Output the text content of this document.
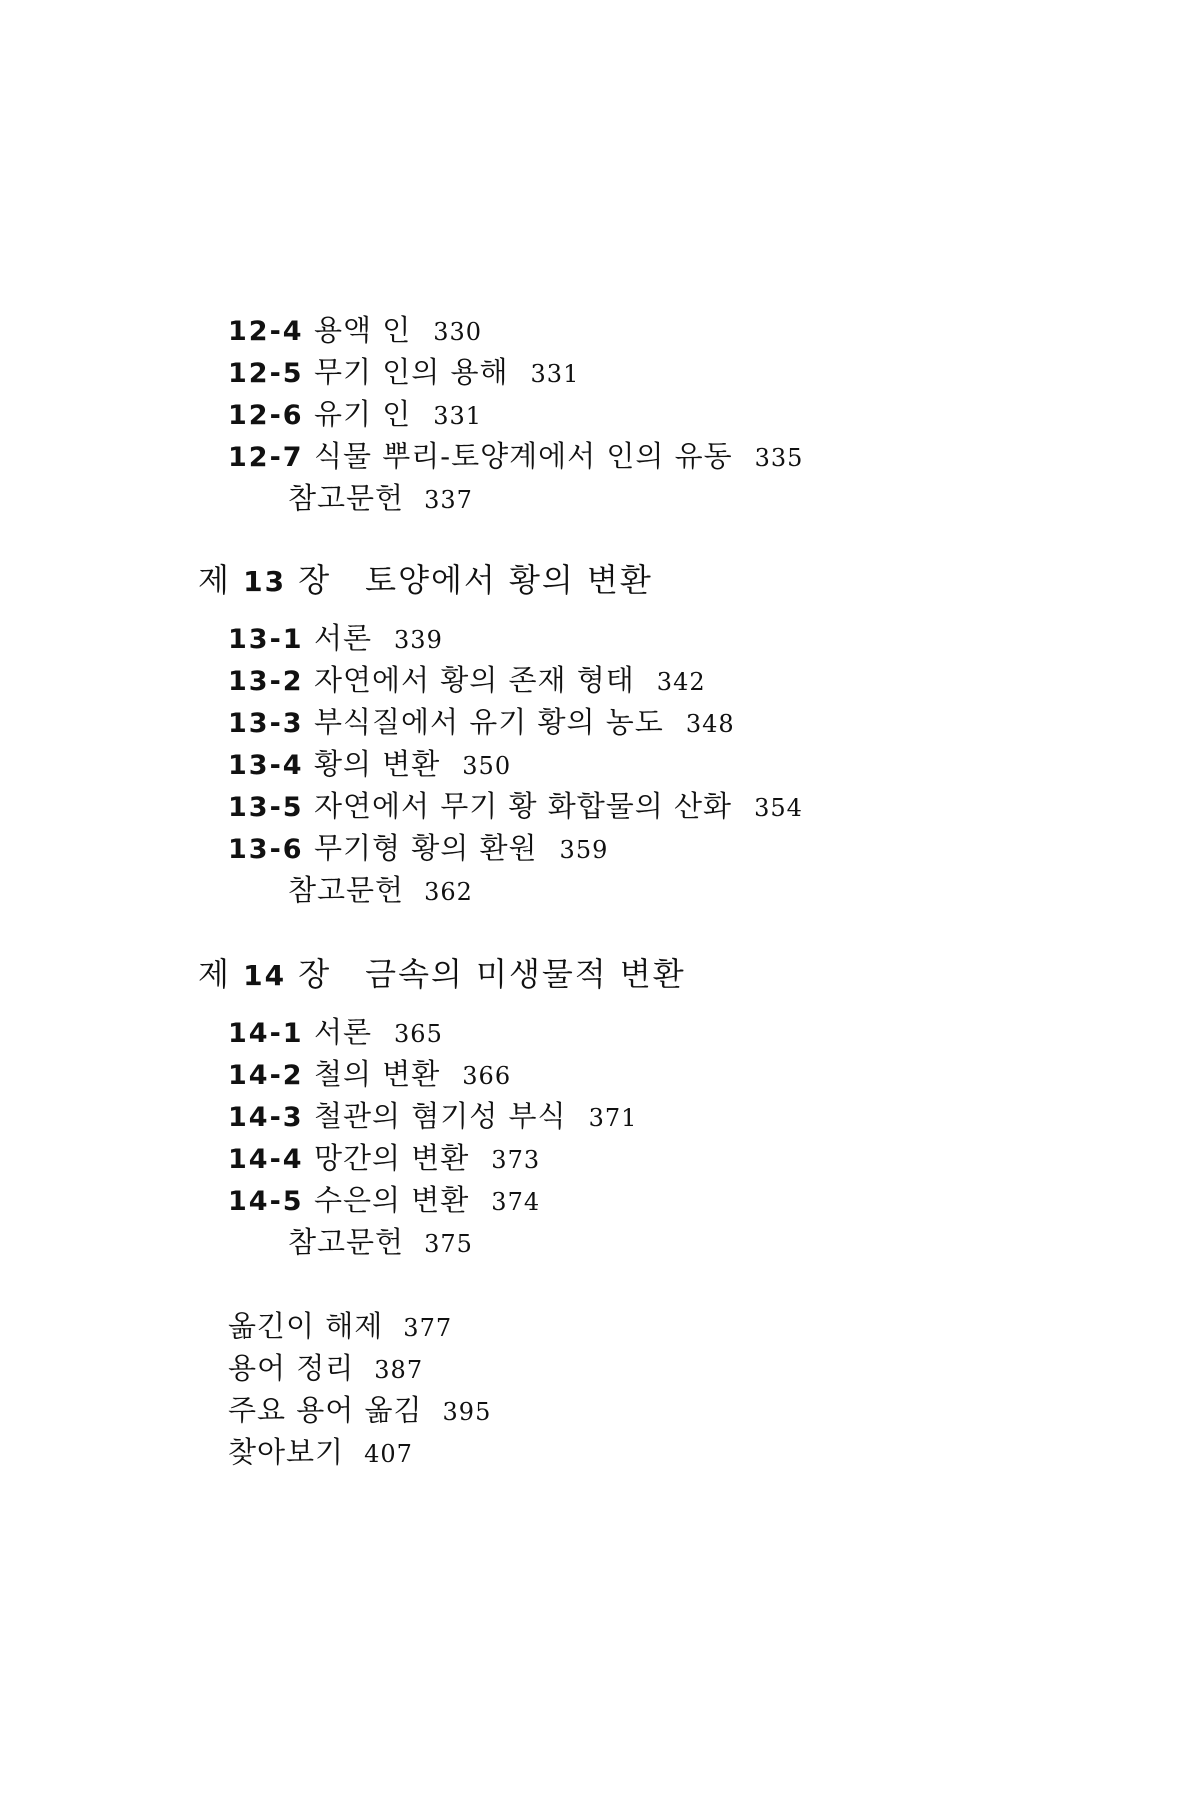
12-4 용액 인 330
12-5 무기 인의 용해 331
12-6 유기 인 331
12-7 식물 뿌리-토양계에서 인의 유동 335
참고문헌 337
제 13 장 토양에서 황의 변환
13-1 서론 339
13-2 자연에서 황의 존재 형태 342
13-3 부식질에서 유기 황의 농도 348
13-4 황의 변환 350
13-5 자연에서 무기 황 화합물의 산화 354
13-6 무기형 황의 환원 359
참고문헌 362
제 14 장 금속의 미생물적 변환
14-1 서론 365
14-2 철의 변환 366
14-3 철관의 혐기성 부식 371
14-4 망간의 변환 373
14-5 수은의 변환 374
참고문헌 375
옮긴이 해제 377
용어 정리 387
주요 용어 옮김 395
찾아보기 407
